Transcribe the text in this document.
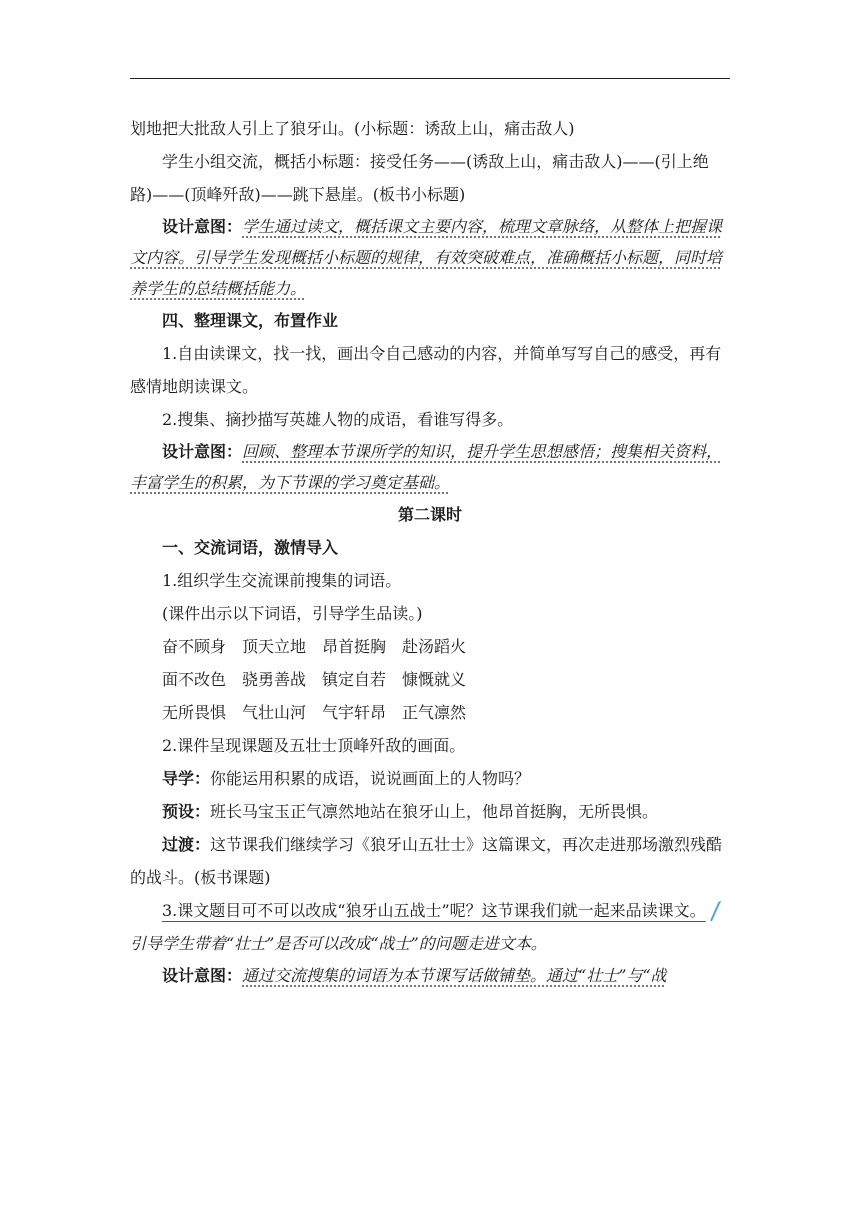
划地把大批敌人引上了狼牙山。(小标题：诱敌上山，痛击敌人)

学生小组交流，概括小标题：接受任务——(诱敌上山，痛击敌人)——(引上绝路)——(顶峰歼敌)——跳下悬崖。(板书小标题)

设计意图：学生通过读文，概括课文主要内容，梳理文章脉络，从整体上把握课文内容。引导学生发现概括小标题的规律，有效突破难点，准确概括小标题，同时培养学生的总结概括能力。

四、整理课文，布置作业

1.自由读课文，找一找，画出令自己感动的内容，并简单写写自己的感受，再有感情地朗读课文。

2.搜集、摘抄描写英雄人物的成语，看谁写得多。

设计意图：回顾、整理本节课所学的知识，提升学生思想感悟；搜集相关资料，丰富学生的积累，为下节课的学习奠定基础。

第二课时

一、交流词语，激情导入

1.组织学生交流课前搜集的词语。

(课件出示以下词语，引导学生品读。)

奋不顾身 顶天立地 昂首挺胸 赴汤蹈火

面不改色 骁勇善战 镇定自若 慷慨就义

无所畏惧 气壮山河 气宇轩昂 正气凛然

2.课件呈现课题及五壮士顶峰歼敌的画面。

导学：你能运用积累的成语，说说画面上的人物吗？

预设：班长马宝玉正气凛然地站在狼牙山上，他昂首挺胸，无所畏惧。

过渡：这节课我们继续学习《狼牙山五壮士》这篇课文，再次走进那场激烈残酷的战斗。(板书课题)

3.课文题目可不可以改成“狼牙山五战士”呢？这节课我们就一起来品读课文。引导学生带着“壮士”是否可以改成“战士”的问题走进文本。

设计意图：通过交流搜集的词语为本节课写话做铺垫。通过“壮士”与“战
